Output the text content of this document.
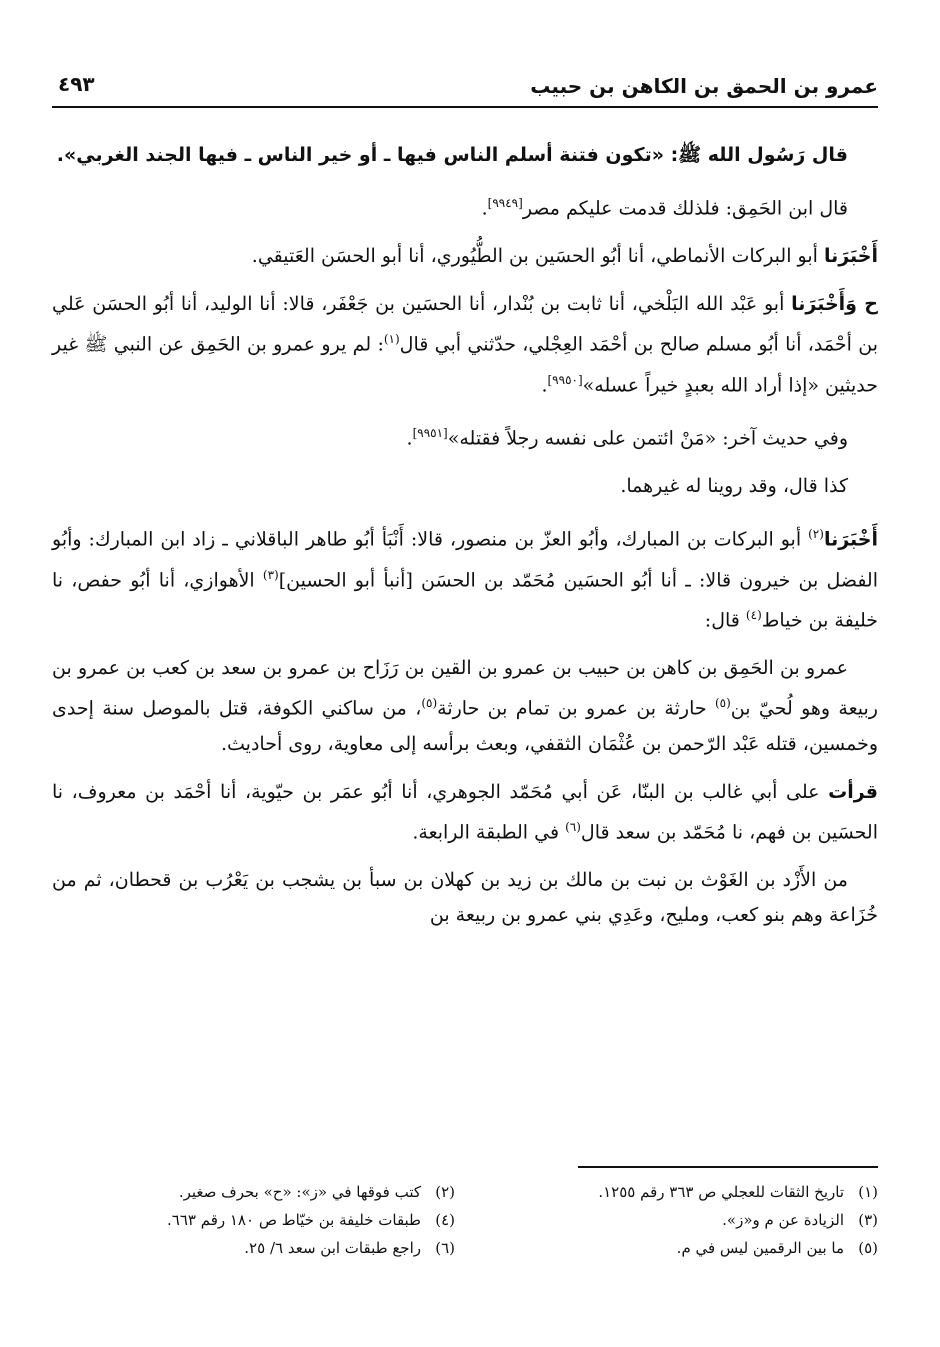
عمرو بن الحمق بن الكاهن بن حبيب
٤٩٣

قال رَسُول الله ﷺ: «تكون فتنة أسلم الناس فيها ـ أو خير الناس ـ فيها الجند الغربي».

قال ابن الحَمِق: فلذلك قدمت عليكم مصر[٩٩٤٩].

أَخْبَرَنا أبو البركات الأنماطي، أنا أبُو الحسَين بن الطُّيُوري، أنا أبو الحسَن العَتيقي.

ح وَأَخْبَرَنا أبو عَبْد الله البَلْخي، أنا ثابت بن بُنْدار، أنا الحسَين بن جَعْفَر، قالا: أنا الوليد، أنا أبُو الحسَن عَلي بن أحْمَد، أنا أبُو مسلم صالح بن أحْمَد العِجْلي، حدّثني أبي قال$^{(١)}$: لم يرو عمرو بن الحَمِق عن النبي ﷺ غير حديثين «إذا أراد الله بعبدٍ خيراً عسله»[٩٩٥٠].

وفي حديث آخر: «مَنْ ائتمن على نفسه رجلاً فقتله»[٩٩٥١].

كذا قال، وقد روينا له غيرهما.

أَخْبَرَنا$^{(٢)}$ أبو البركات بن المبارك، وأبُو العزّ بن منصور، قالا: أَنْبَأ أبُو طاهر الباقلاني ـ زاد ابن المبارك: وأبُو الفضل بن خيرون قالا: ـ أنا أبُو الحسَين مُحَمّد بن الحسَن [أنبأ أبو الحسين]$^{(٣)}$ الأهوازي، أنا أبُو حفص، نا خليفة بن خياط$^{(٤)}$ قال:

عمرو بن الحَمِق بن كاهن بن حبيب بن عمرو بن القين بن رَزَاح بن عمرو بن سعد بن كعب بن عمرو بن ربيعة وهو لُحيّ بن$^{(٥)}$ حارثة بن عمرو بن تمام بن حارثة$^{(٥)}$، من ساكني الكوفة، قتل بالموصل سنة إحدى وخمسين، قتله عَبْد الرّحمن بن عُثْمَان الثقفي، وبعث برأسه إلى معاوية، روى أحاديث.

قرأت على أبي غالب بن البنّا، عَن أبي مُحَمّد الجوهري، أنا أبُو عمَر بن حيّوية، أنا أحْمَد بن معروف، نا الحسَين بن فهم، نا مُحَمّد بن سعد قال$^{(٦)}$ في الطبقة الرابعة.

من الأَزْد بن الغَوْث بن نبت بن مالك بن زيد بن كهلان بن سبأ بن يشجب بن يَعْرُب بن قحطان، ثم من خُزَاعة وهم بنو كعب، ومليح، وعَدِي بني عمرو بن ربيعة بن

(١)تاريخ الثقات للعجلي ص ٣٦٣ رقم ١٢٥٥.
(٢)كتب فوقها في «ز»: «ح» بحرف صغير.
(٣)الزيادة عن م و«ز».
(٤)طبقات خليفة بن خيّاط ص ١٨٠ رقم ٦٦٣.
(٥)ما بين الرقمين ليس في م.
(٦)راجع طبقات ابن سعد ٦/ ٢٥.
